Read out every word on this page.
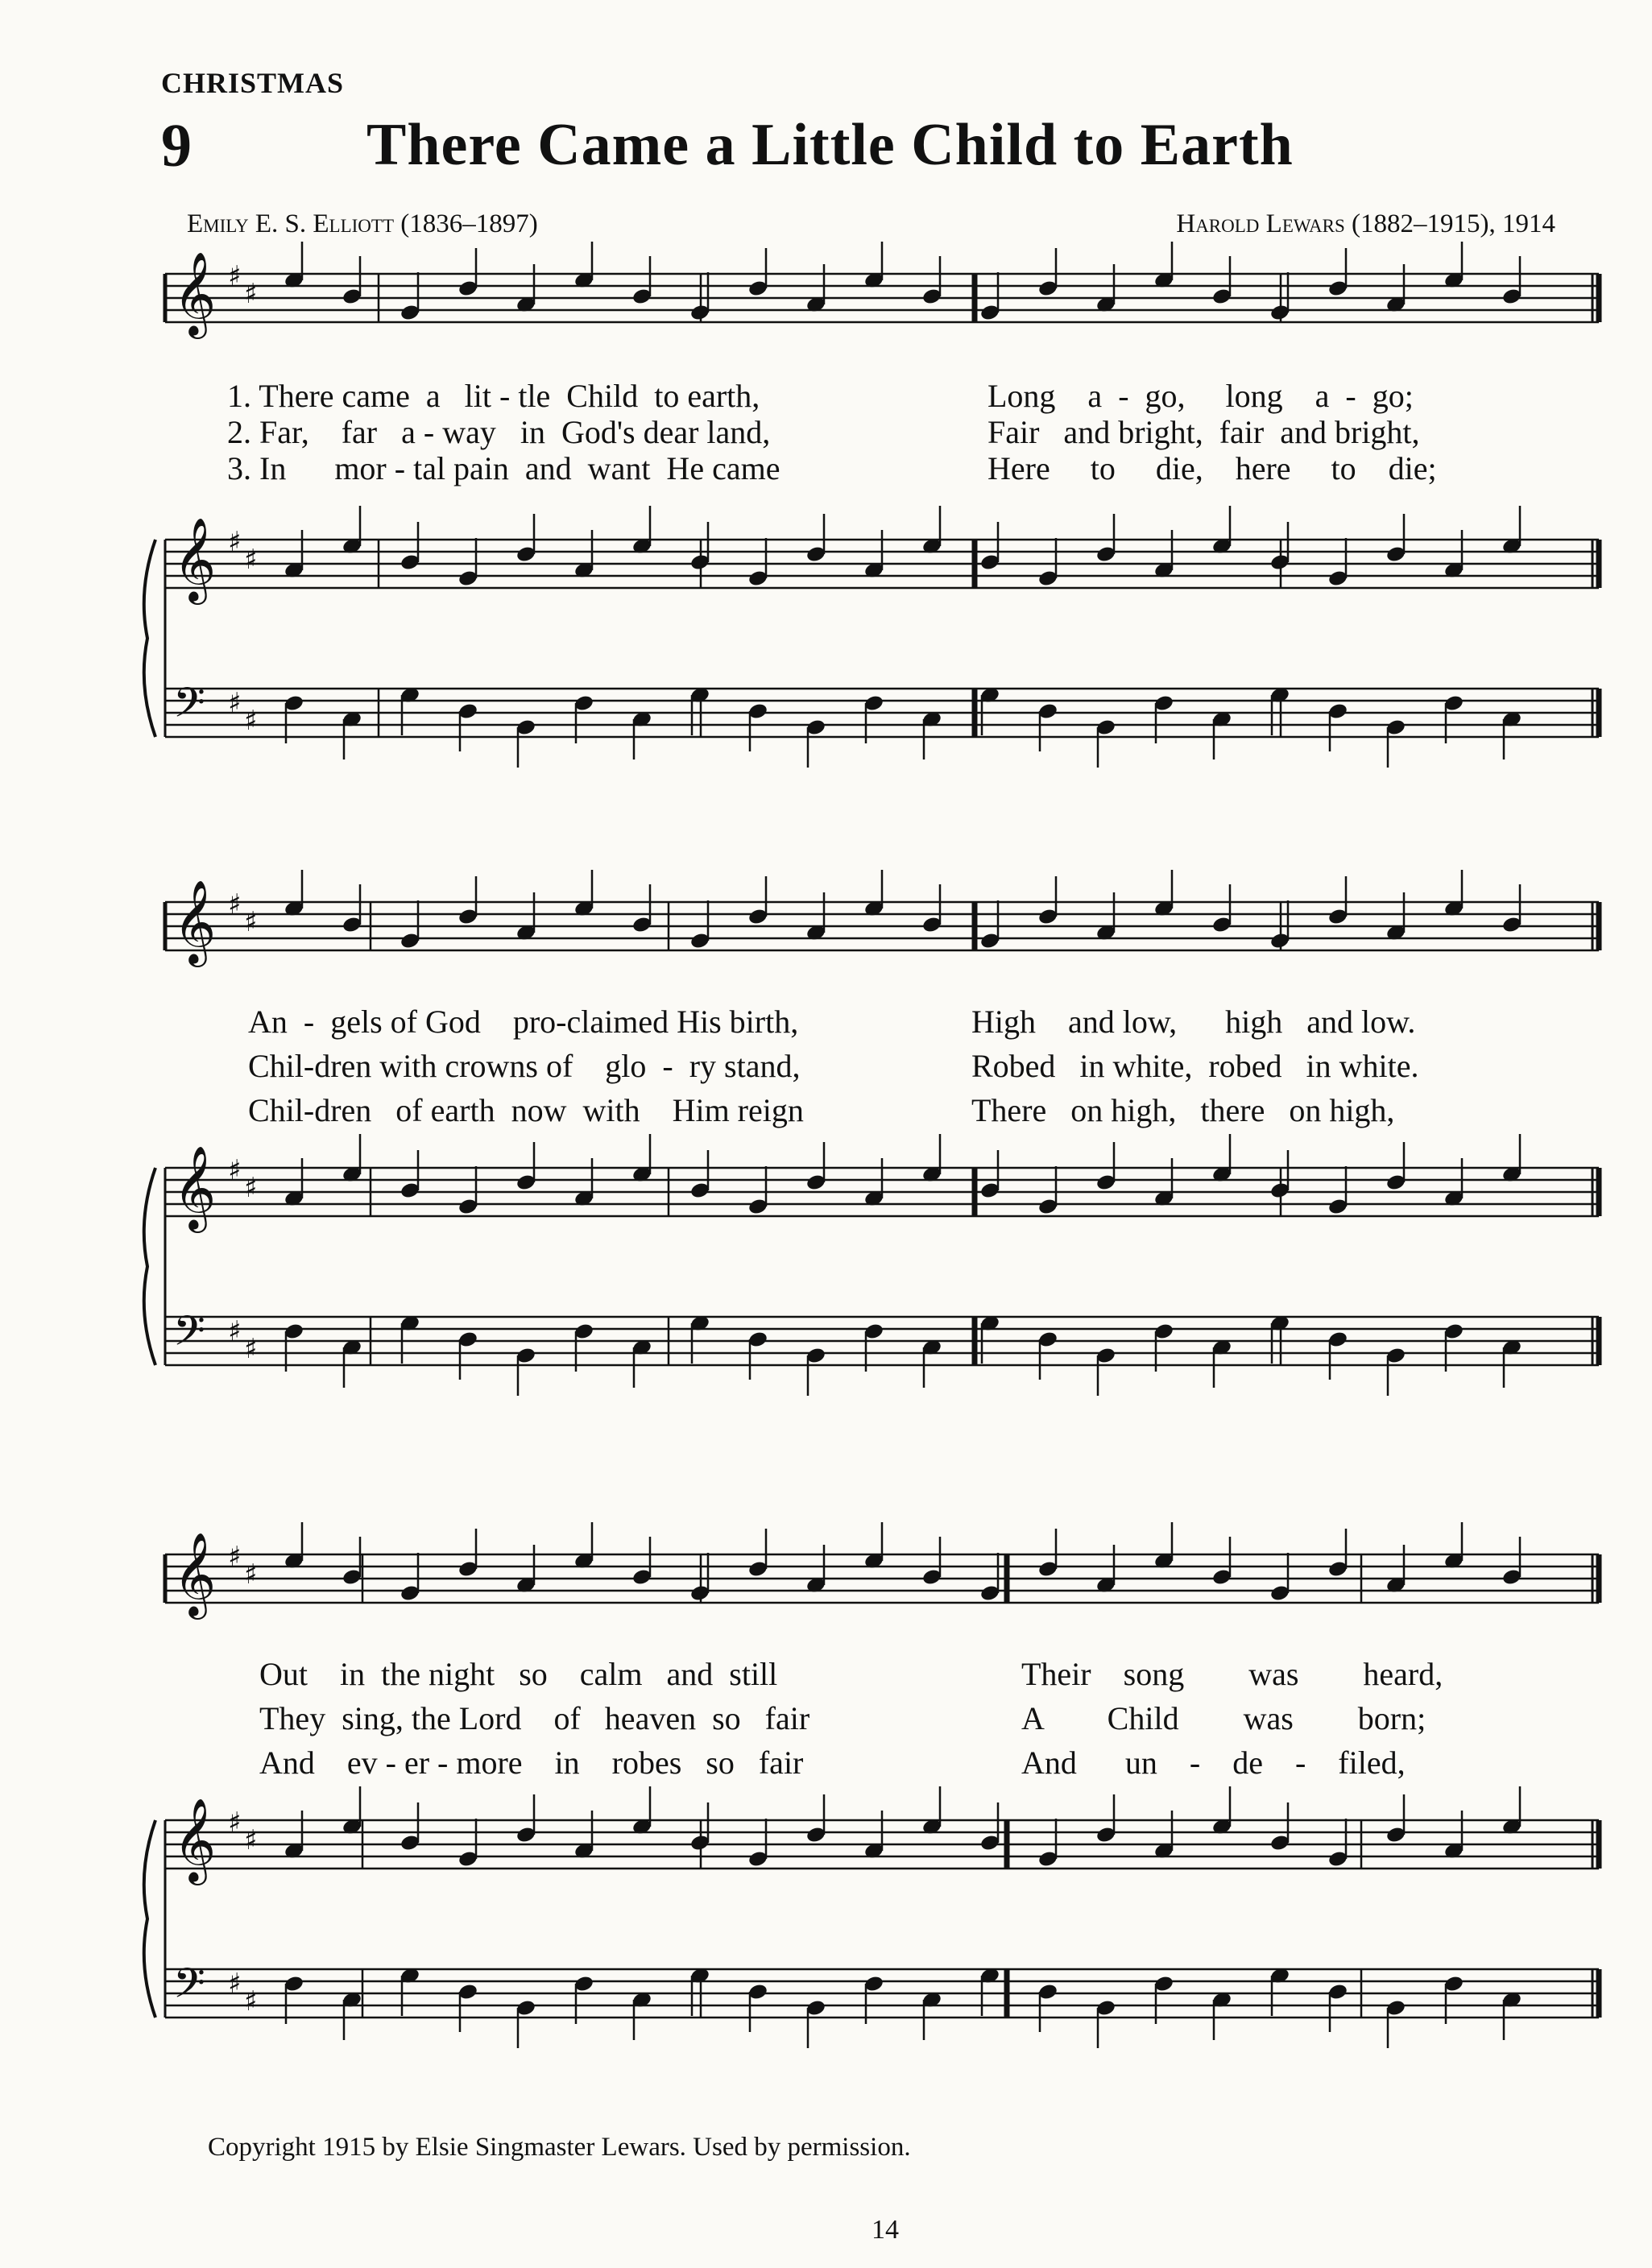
CHRISTMAS
9	There Came a Little Child to Earth
Emily E. S. Elliott (1836–1897)	Harold Lewars (1882–1915), 1914
𝄞 ♯
♯
𝄞 ♯
♯
𝄢 ♯
♯
1. There came  a   lit - tle  Child  to earth,
2. Far,    far   a - way   in  God's dear land,
3. In      mor - tal pain  and  want  He came
Long    a  -  go,     long    a  -  go;
Fair   and bright,  fair  and bright,
Here     to     die,    here     to    die;
𝄞 ♯
♯
𝄞 ♯
♯
𝄢 ♯
♯
An  -  gels of God    pro-claimed His birth,
Chil-dren with crowns of    glo  -  ry stand,
Chil-dren   of earth  now  with    Him reign
High    and low,      high   and low.
Robed   in white,  robed   in white.
There   on high,   there   on high,
𝄞 ♯
♯
𝄞 ♯
♯
𝄢 ♯
♯
Out    in  the night   so    calm   and  still
They  sing, the Lord    of   heaven  so   fair
And    ev - er - more    in    robes   so   fair
Their    song        was        heard,
A        Child        was        born;
And      un    -    de    -    filed,
Copyright 1915 by Elsie Singmaster Lewars. Used by permission.
14
